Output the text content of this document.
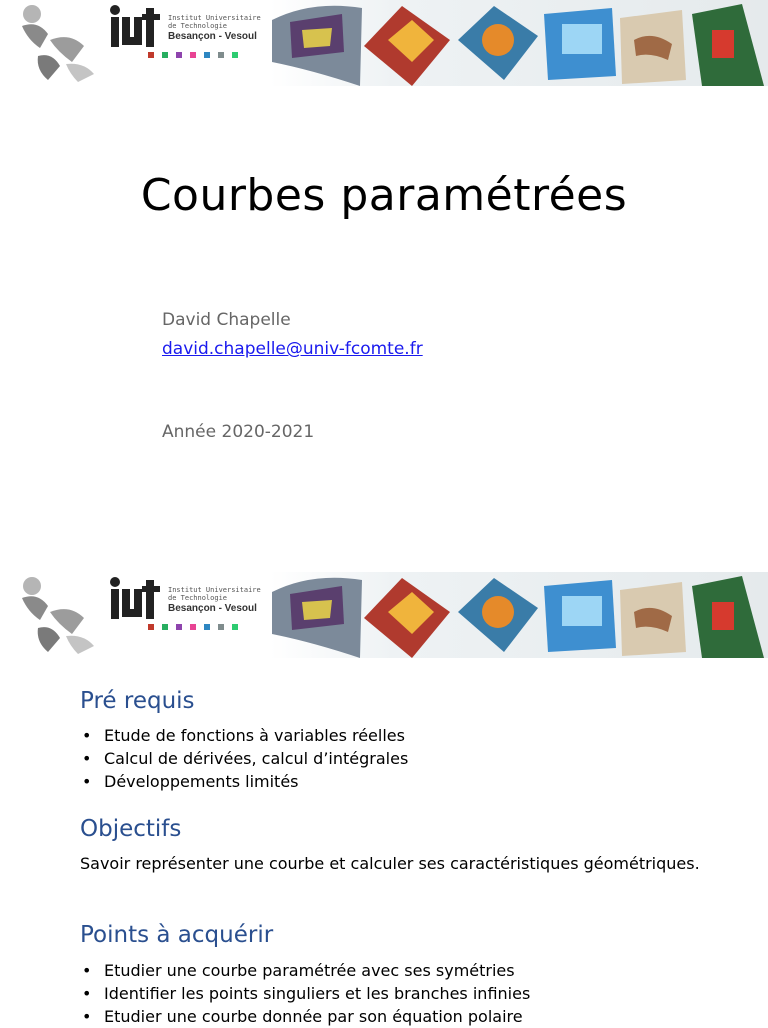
Institut Universitaire
de Technologie
Besançon - Vesoul
Courbes paramétrées
David Chapelle
david.chapelle@univ-fcomte.fr
Année 2020-2021
Institut Universitaire
de Technologie
Besançon - Vesoul
Pré requis
• Etude de fonctions à variables réelles
• Calcul de dérivées, calcul d’intégrales
• Développements limités
Objectifs
Savoir représenter une courbe et calculer ses caractéristiques géométriques.
Points à acquérir
• Etudier une courbe paramétrée avec ses symétries
• Identifier les points singuliers et les branches infinies
• Etudier une courbe donnée par son équation polaire
